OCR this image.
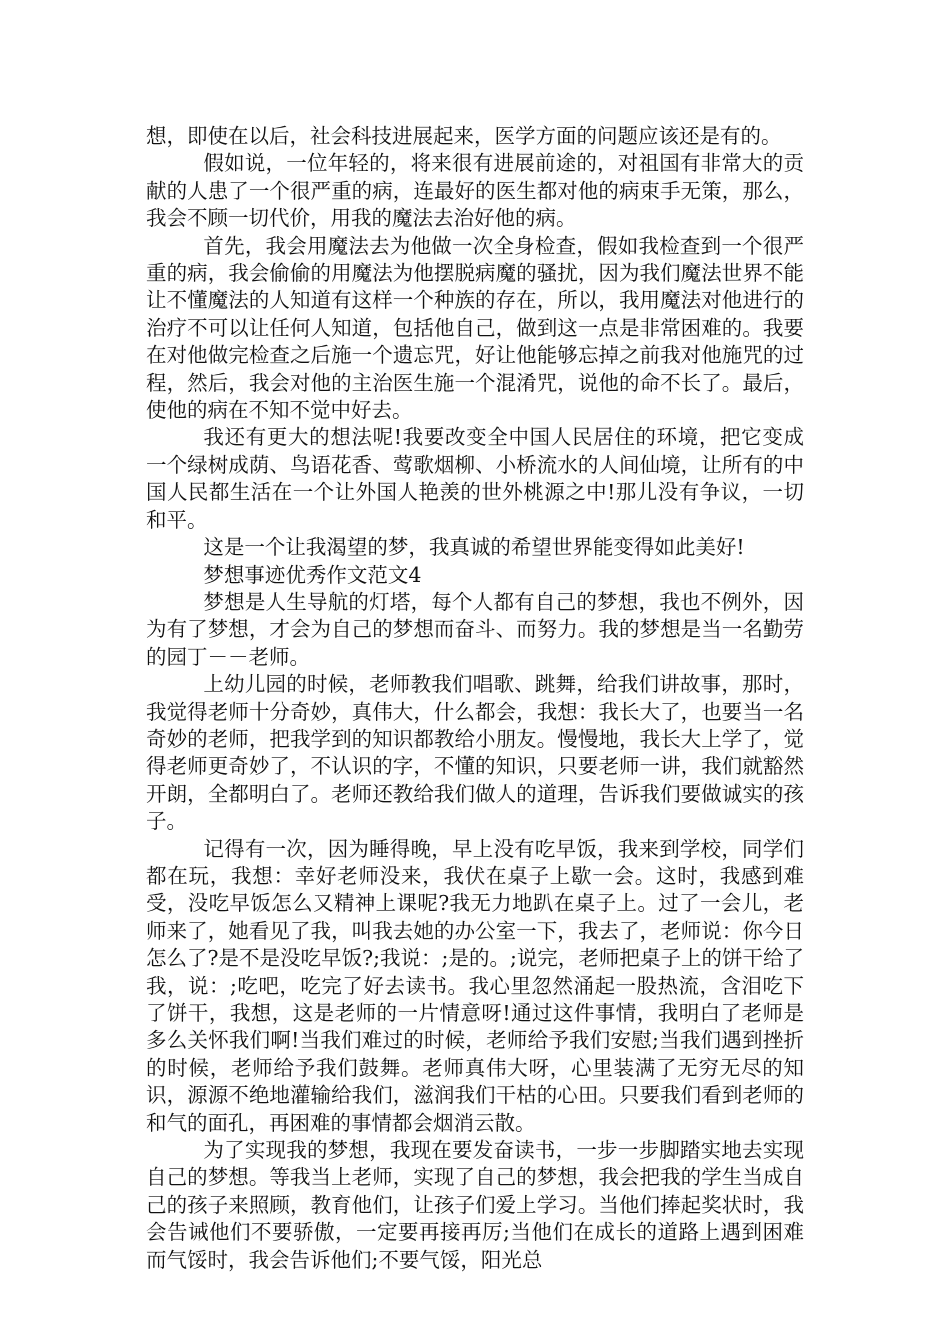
想，即使在以后，社会科技进展起来，医学方面的问题应该还是有的。

假如说，一位年轻的，将来很有进展前途的，对祖国有非常大的贡献的人患了一个很严重的病，连最好的医生都对他的病束手无策，那么，我会不顾一切代价，用我的魔法去治好他的病。

首先，我会用魔法去为他做一次全身检查，假如我检查到一个很严重的病，我会偷偷的用魔法为他摆脱病魔的骚扰，因为我们魔法世界不能让不懂魔法的人知道有这样一个种族的存在，所以，我用魔法对他进行的治疗不可以让任何人知道，包括他自己，做到这一点是非常困难的。我要在对他做完检查之后施一个遗忘咒，好让他能够忘掉之前我对他施咒的过程，然后，我会对他的主治医生施一个混淆咒，说他的命不长了。最后，使他的病在不知不觉中好去。

我还有更大的想法呢!我要改变全中国人民居住的环境，把它变成一个绿树成荫、鸟语花香、莺歌烟柳、小桥流水的人间仙境，让所有的中国人民都生活在一个让外国人艳羡的世外桃源之中!那儿没有争议，一切和平。

这是一个让我渴望的梦，我真诚的希望世界能变得如此美好!

梦想事迹优秀作文范文4

梦想是人生导航的灯塔，每个人都有自己的梦想，我也不例外，因为有了梦想，才会为自己的梦想而奋斗、而努力。我的梦想是当一名勤劳的园丁－－老师。

上幼儿园的时候，老师教我们唱歌、跳舞，给我们讲故事，那时，我觉得老师十分奇妙，真伟大，什么都会，我想：我长大了，也要当一名奇妙的老师，把我学到的知识都教给小朋友。慢慢地，我长大上学了，觉得老师更奇妙了，不认识的字，不懂的知识，只要老师一讲，我们就豁然开朗，全都明白了。老师还教给我们做人的道理，告诉我们要做诚实的孩子。

记得有一次，因为睡得晚，早上没有吃早饭，我来到学校，同学们都在玩，我想：幸好老师没来，我伏在桌子上歇一会。这时，我感到难受，没吃早饭怎么又精神上课呢?我无力地趴在桌子上。过了一会儿，老师来了，她看见了我，叫我去她的办公室一下，我去了，老师说：你今日怎么了?是不是没吃早饭?;我说：;是的。;说完，老师把桌子上的饼干给了我，说：;吃吧，吃完了好去读书。我心里忽然涌起一股热流，含泪吃下了饼干，我想，这是老师的一片情意呀!通过这件事情，我明白了老师是多么关怀我们啊!当我们难过的时候，老师给予我们安慰;当我们遇到挫折的时候，老师给予我们鼓舞。老师真伟大呀，心里装满了无穷无尽的知识，源源不绝地灌输给我们，滋润我们干枯的心田。只要我们看到老师的和气的面孔，再困难的事情都会烟消云散。

为了实现我的梦想，我现在要发奋读书，一步一步脚踏实地去实现自己的梦想。等我当上老师，实现了自己的梦想，我会把我的学生当成自己的孩子来照顾，教育他们，让孩子们爱上学习。当他们捧起奖状时，我会告诫他们不要骄傲，一定要再接再厉;当他们在成长的道路上遇到困难而气馁时，我会告诉他们;不要气馁，阳光总
